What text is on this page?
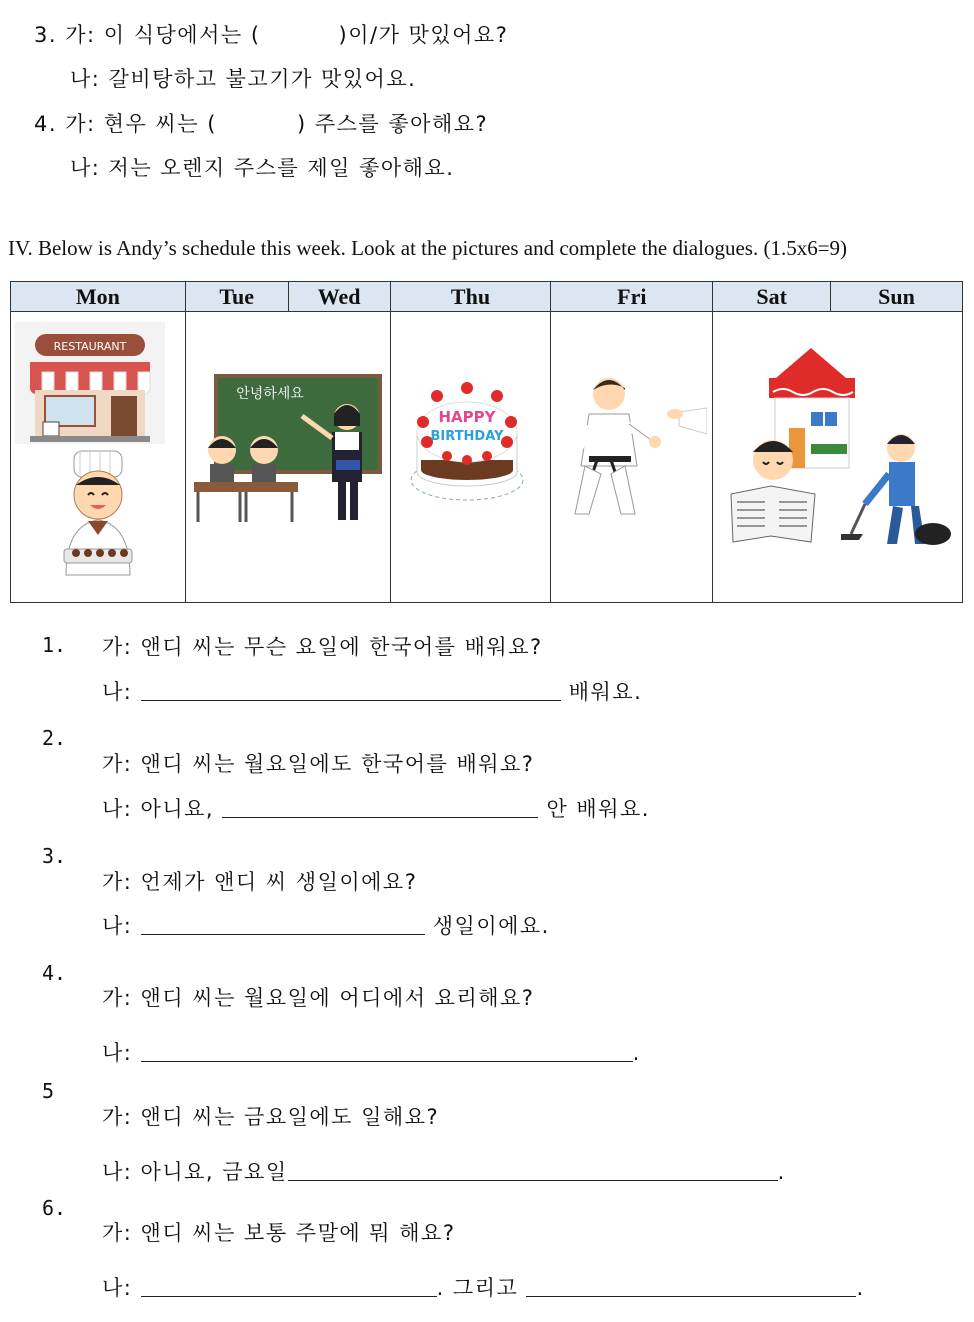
3. 가: 이 식당에서는 (	)이/가 맛있어요?
나: 갈비탕하고 불고기가 맛있어요.
4. 가: 현우 씨는 (	) 주스를 좋아해요?
나: 저는 오렌지 주스를 제일 좋아해요.
IV. Below is Andy’s schedule this week. Look at the pictures and complete the dialogues. (1.5x6=9)
Mon	Tue	Wed	Thu	Fri	Sat	Sun

RESTAURANT	안녕하세요		HAPPY
BIRTHDAY

1. 가: 앤디 씨는 무슨 요일에 한국어를 배워요?
나:	배워요.
2.
가: 앤디 씨는 월요일에도 한국어를 배워요?
나: 아니요,	안 배워요.
3.
가: 언제가 앤디 씨 생일이에요?
나:	생일이에요.
4.
가: 앤디 씨는 월요일에 어디에서 요리해요?
나:	.
5
가: 앤디 씨는 금요일에도 일해요?
나: 아니요, 금요일	.
6.
가: 앤디 씨는 보통 주말에 뭐 해요?
나:	. 그리고	.
